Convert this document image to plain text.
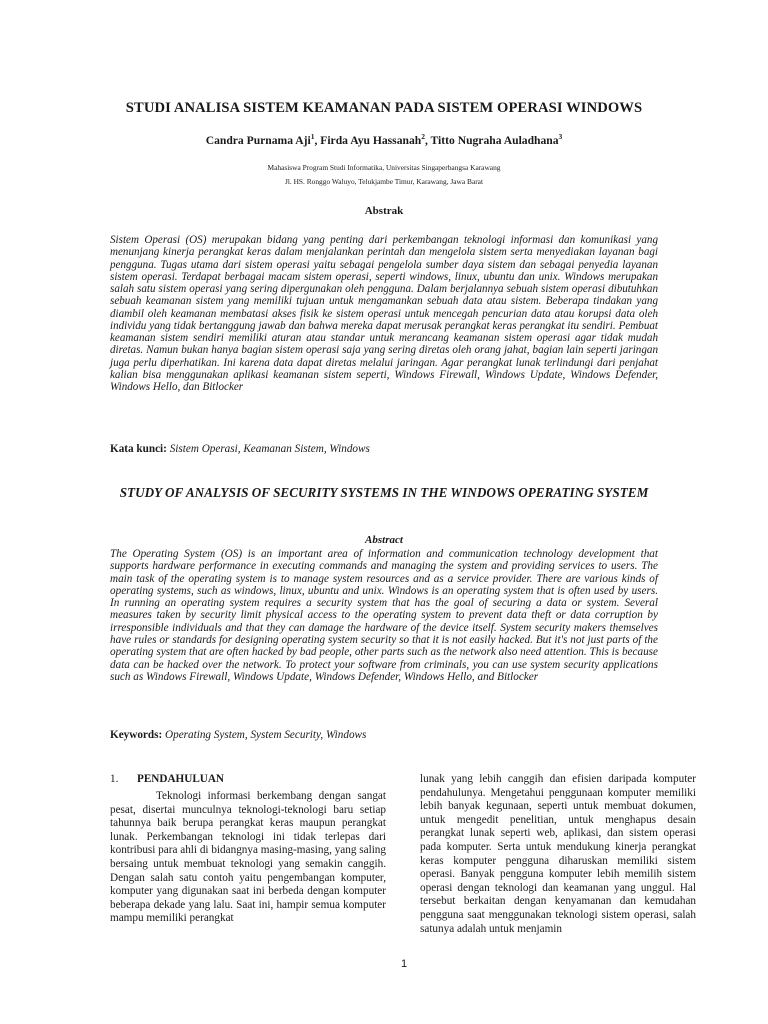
STUDI ANALISA SISTEM KEAMANAN PADA SISTEM OPERASI WINDOWS
Candra Purnama Aji$^1$, Firda Ayu Hassanah$^2$, Titto Nugraha Auladhana$^3$
Mahasiswa Program Studi Informatika, Universitas Singaperbangsa Karawang
Jl. HS. Ronggo Waluyo, Telukjambe Timur, Karawang, Jawa Barat
Abstrak
Sistem Operasi (OS) merupakan bidang yang penting dari perkembangan teknologi informasi dan komunikasi yang menunjang kinerja perangkat keras dalam menjalankan perintah dan mengelola sistem serta menyediakan layanan bagi pengguna. Tugas utama dari sistem operasi yaitu sebagai pengelola sumber daya sistem dan sebagai penyedia layanan sistem operasi. Terdapat berbagai macam sistem operasi, seperti windows, linux, ubuntu dan unix. Windows merupakan salah satu sistem operasi yang sering dipergunakan oleh pengguna. Dalam berjalannya sebuah sistem operasi dibutuhkan sebuah keamanan sistem yang memiliki tujuan untuk mengamankan sebuah data atau sistem. Beberapa tindakan yang diambil oleh keamanan membatasi akses fisik ke sistem operasi untuk mencegah pencurian data atau korupsi data oleh individu yang tidak bertanggung jawab dan bahwa mereka dapat merusak perangkat keras perangkat itu sendiri. Pembuat keamanan sistem sendiri memiliki aturan atau standar untuk merancang keamanan sistem operasi agar tidak mudah diretas. Namun bukan hanya bagian sistem operasi saja yang sering diretas oleh orang jahat, bagian lain seperti jaringan juga perlu diperhatikan. Ini karena data dapat diretas melalui jaringan. Agar perangkat lunak terlindungi dari penjahat kalian bisa menggunakan aplikasi keamanan sistem seperti, Windows Firewall, Windows Update, Windows Defender, Windows Hello, dan Bitlocker
Kata kunci: Sistem Operasi, Keamanan Sistem, Windows
STUDY OF ANALYSIS OF SECURITY SYSTEMS IN THE WINDOWS OPERATING SYSTEM
Abstract
The Operating System (OS) is an important area of information and communication technology development that supports hardware performance in executing commands and managing the system and providing services to users. The main task of the operating system is to manage system resources and as a service provider. There are various kinds of operating systems, such as windows, linux, ubuntu and unix. Windows is an operating system that is often used by users. In running an operating system requires a security system that has the goal of securing a data or system. Several measures taken by security limit physical access to the operating system to prevent data theft or data corruption by irresponsible individuals and that they can damage the hardware of the device itself. System security makers themselves have rules or standards for designing operating system security so that it is not easily hacked. But it's not just parts of the operating system that are often hacked by bad people, other parts such as the network also need attention. This is because data can be hacked over the network. To protect your software from criminals, you can use system security applications such as Windows Firewall, Windows Update, Windows Defender, Windows Hello, and Bitlocker
Keywords: Operating System, System Security, Windows
1. PENDAHULUAN
Teknologi informasi berkembang dengan sangat pesat, disertai munculnya teknologi-teknologi baru setiap tahunnya baik berupa perangkat keras maupun perangkat lunak. Perkembangan teknologi ini tidak terlepas dari kontribusi para ahli di bidangnya masing-masing, yang saling bersaing untuk membuat teknologi yang semakin canggih. Dengan salah satu contoh yaitu pengembangan komputer, komputer yang digunakan saat ini berbeda dengan komputer beberapa dekade yang lalu. Saat ini, hampir semua komputer mampu memiliki perangkat
lunak yang lebih canggih dan efisien daripada komputer pendahulunya. Mengetahui penggunaan komputer memiliki lebih banyak kegunaan, seperti untuk membuat dokumen, untuk mengedit penelitian, untuk menghapus desain perangkat lunak seperti web, aplikasi, dan sistem operasi pada komputer. Serta untuk mendukung kinerja perangkat keras komputer pengguna diharuskan memiliki sistem operasi. Banyak pengguna komputer lebih memilih sistem operasi dengan teknologi dan keamanan yang unggul. Hal tersebut berkaitan dengan kenyamanan dan kemudahan pengguna saat menggunakan teknologi sistem operasi, salah satunya adalah untuk menjamin
1
